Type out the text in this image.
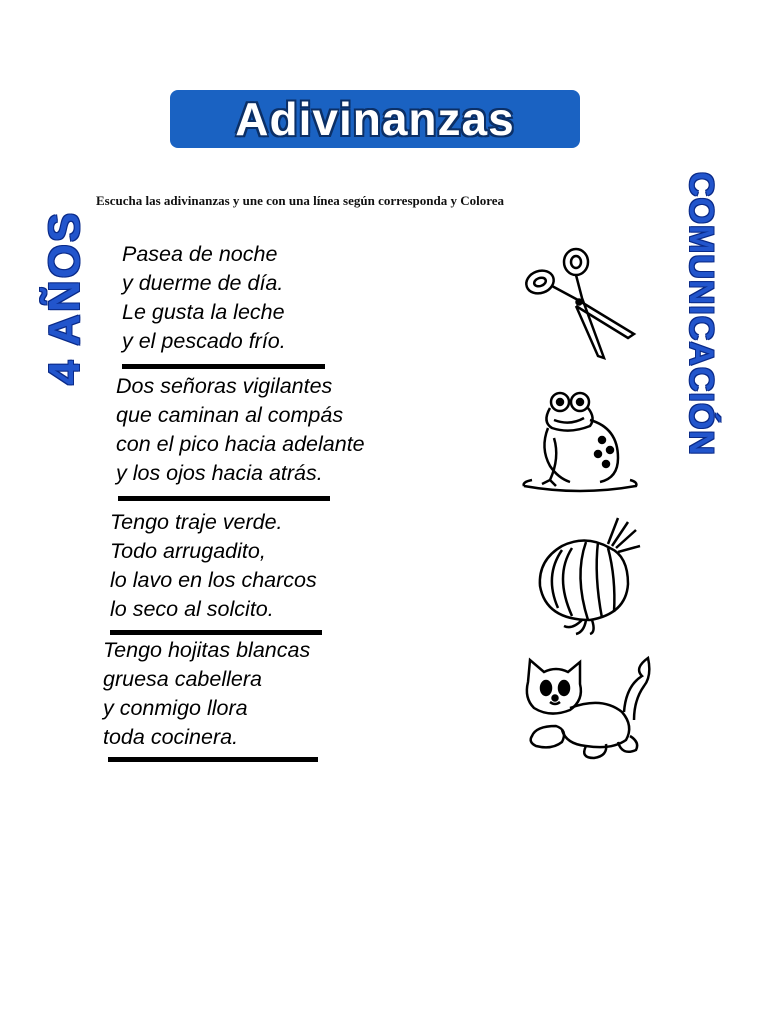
Adivinanzas
4 AÑOS	COMUNICACIÓN
Escucha las adivinanzas y une con una línea según corresponda y Colorea
Pasea de noche
y duerme de día.
Le gusta la leche
y el pescado frío.
Dos señoras vigilantes
que caminan al compás
con el pico hacia adelante
y los ojos hacia atrás.
Tengo traje verde.
Todo arrugadito,
lo lavo en los charcos
lo seco al solcito.
Tengo hojitas blancas
gruesa cabellera
y conmigo llora
toda cocinera.
